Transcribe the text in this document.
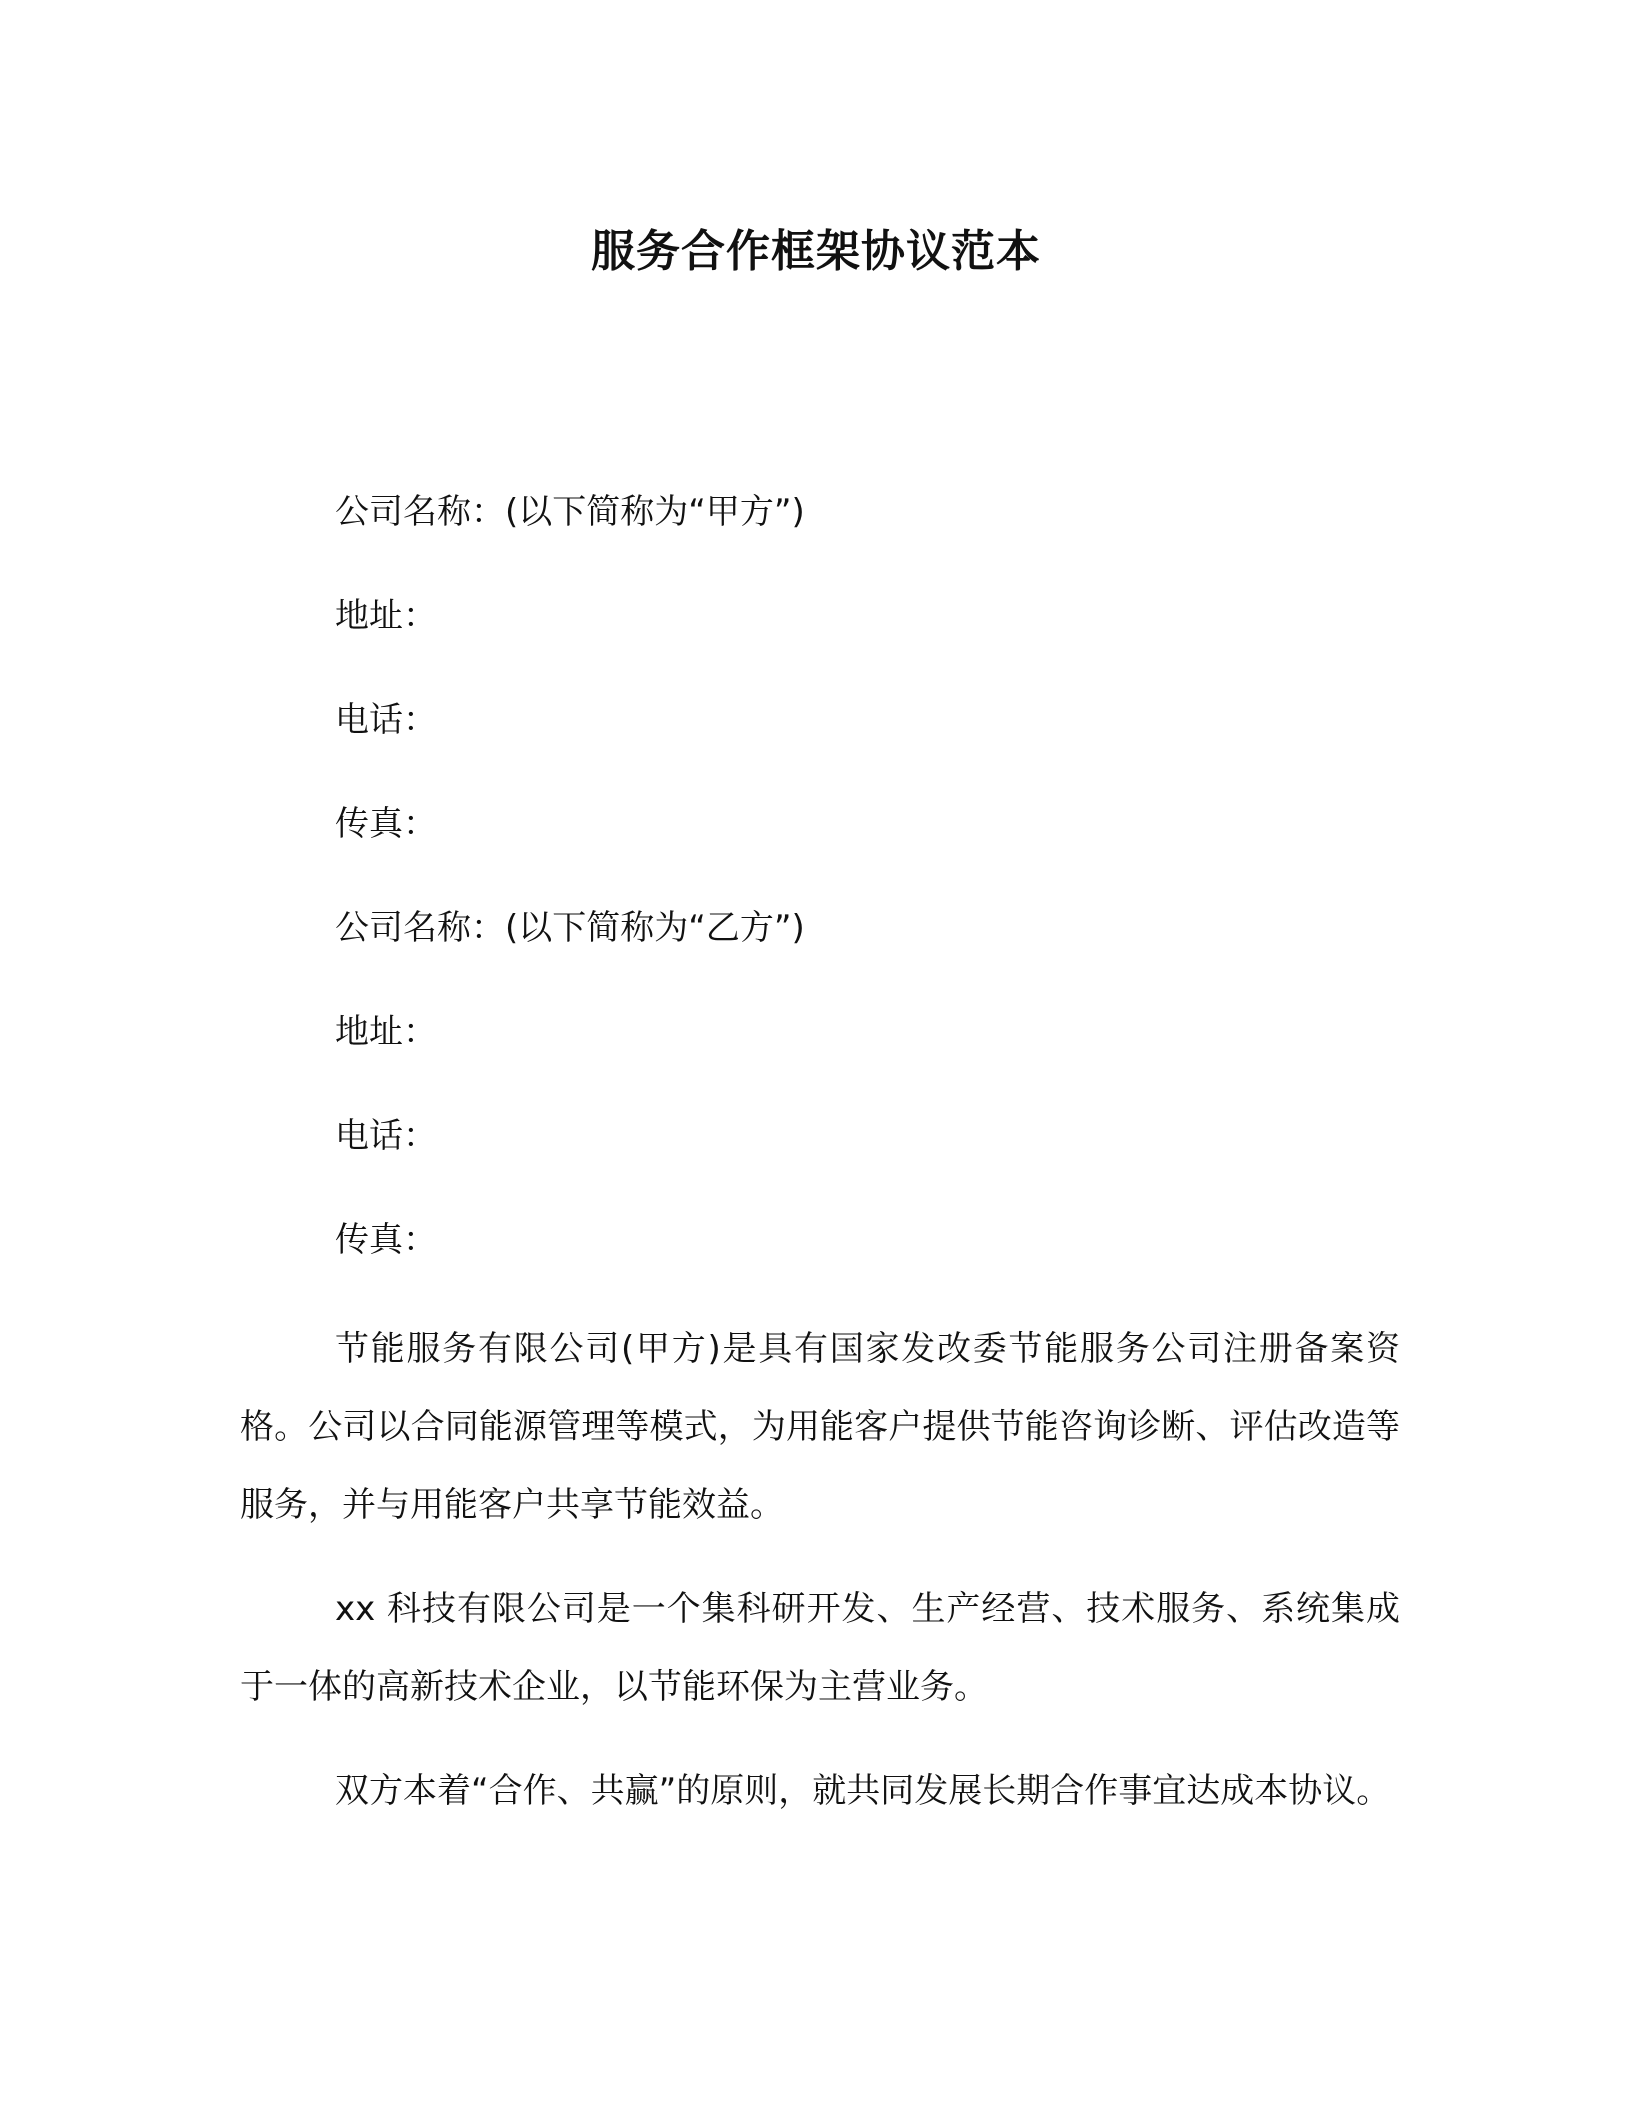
服务合作框架协议范本

公司名称：(以下简称为“甲方”)

地址：

电话：

传真：

公司名称：(以下简称为“乙方”)

地址：

电话：

传真：

节能服务有限公司(甲方)是具有国家发改委节能服务公司注册备案资格。公司以合同能源管理等模式，为用能客户提供节能咨询诊断、评估改造等服务，并与用能客户共享节能效益。

xx 科技有限公司是一个集科研开发、生产经营、技术服务、系统集成于一体的高新技术企业，以节能环保为主营业务。

双方本着“合作、共赢”的原则，就共同发展长期合作事宜达成本协议。
